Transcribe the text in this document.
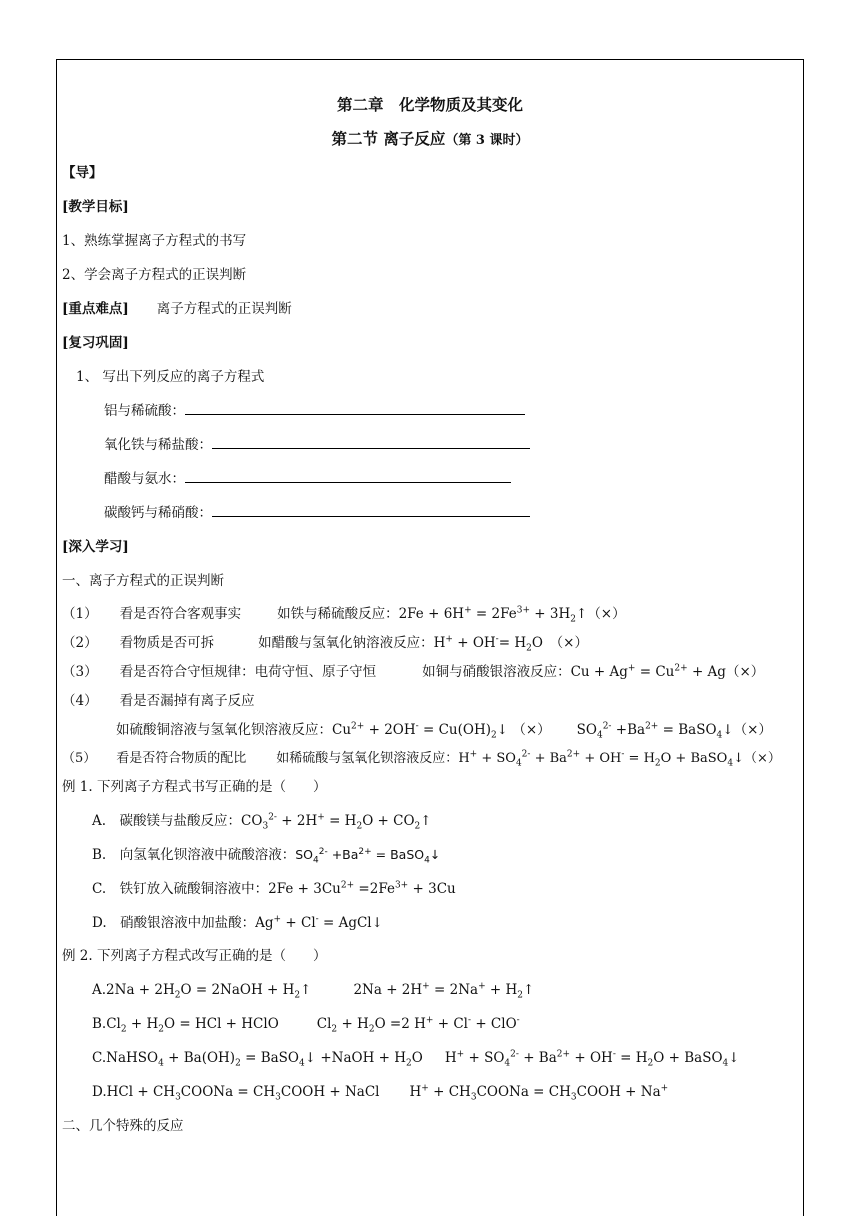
第二章　化学物质及其变化
第二节 离子反应（第 3 课时）
【导】
[教学目标]
1、熟练掌握离子方程式的书写
2、学会离子方程式的正误判断
[重点难点] 离子方程式的正误判断
[复习巩固]
1、 写出下列反应的离子方程式
铝与稀硫酸：
氧化铁与稀盐酸：
醋酸与氨水：
碳酸钙与稀硝酸：
[深入学习]
一、离子方程式的正误判断
（1） 看是否符合客观事实	如铁与稀硫酸反应：$2Fe + 6H^+ = 2Fe^{3+}$ + $3H_2↑(\times)$
（2） 看物质是否可拆	如醋酸与氢氧化钠溶液反应：$H^+ + OH^-= H_2O$　（×）
（3） 看是否符合守恒规律：电荷守恒、原子守恒	如铜与硝酸银溶液反应：$Cu + Ag^+ = Cu^{2+} + Ag(\times)$
（4） 看是否漏掉有离子反应
如硫酸铜溶液与氢氧化钡溶液反应：$Cu^{2+} + 2OH^-$ = $Cu(OH)_2↓$ （×） $SO_4^{2-} +Ba^{2+}$ = BaSO$_4$↓（×）
（5） 看是否符合物质的配比 如稀硫酸与氢氧化钡溶液反应：$H^+ + SO_4^{2-} + Ba^{2+} + OH^- = H_2O$ + BaSO$_4$↓（×）
例 1. 下列离子方程式书写正确的是（　　）
A.　碳酸镁与盐酸反应：$CO_3^{2-} + 2H^+ = H_2O$ + $CO_2↑$
B.　向氢氧化钡溶液中硫酸溶液：$SO_4^{2-} +Ba^{2+}$ = BaSO$_4$↓
C.　铁钉放入硫酸铜溶液中：$2Fe + 3Cu^{2+} =2Fe^{3+} + 3Cu$
D.　硝酸银溶液中加盐酸：Ag+ + Cl- = AgCl↓
例 2. 下列离子方程式改写正确的是（　　）
$A.2Na + 2H_2O$ = 2NaOH + $H_2↑$	$2Na + 2H^+ = 2Na^+ + H_2↑$
$B.Cl_2 + H_2O$ = HCl + HClO	$Cl_2 + H_2O =2$ H+ + Cl- + ClO-
C.NaHSO$_4$ + $Ba(OH)_2$ = BaSO$_4$↓ +NaOH + $H_2O$ $H^+ + SO_4^{2-} + Ba^{2+} + OH^- = H_2O$ + BaSO$_4$↓
$D.HCl + CH_3COONa$ = $CH_3COOH$ + NaCl $H^+ + CH_3COONa$ = $CH_3COOH + Na^+$
二、几个特殊的反应
